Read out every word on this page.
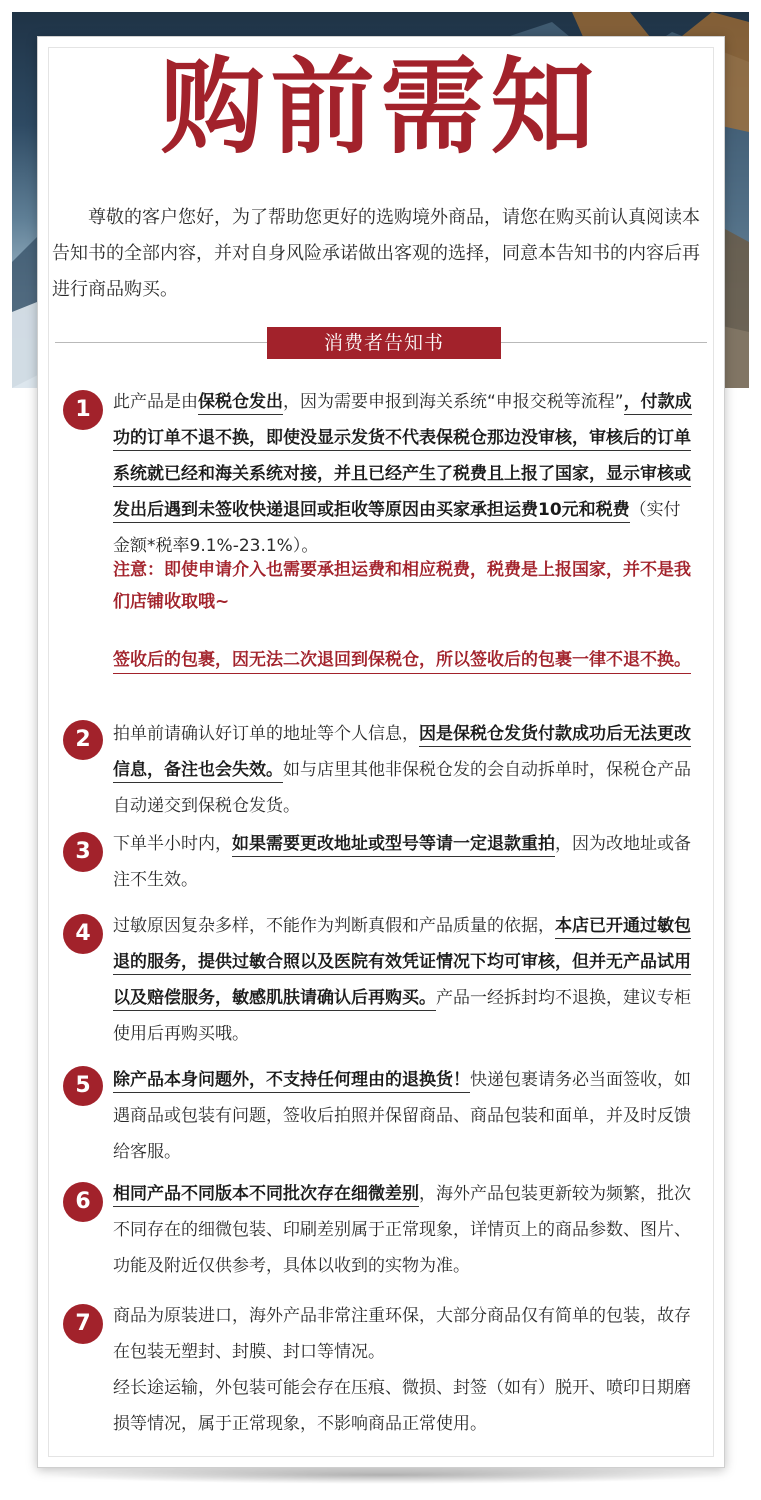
购前需知

尊敬的客户您好，为了帮助您更好的选购境外商品，请您在购买前认真阅读本告知书的全部内容，并对自身风险承诺做出客观的选择，同意本告知书的内容后再进行商品购买。

消费者告知书
1	此产品是由保税仓发出，因为需要申报到海关系统“申报交税等流程”，付款成功的订单不退不换，即使没显示发货不代表保税仓那边没审核，审核后的订单系统就已经和海关系统对接，并且已经产生了税费且上报了国家，显示审核或发出后遇到未签收快递退回或拒收等原因由买家承担运费10元和税费（实付金额*税率9.1%-23.1%）。
注意：即使申请介入也需要承担运费和相应税费，税费是上报国家，并不是我们店铺收取哦~
签收后的包裹，因无法二次退回到保税仓，所以签收后的包裹一律不退不换。
2	拍单前请确认好订单的地址等个人信息，因是保税仓发货付款成功后无法更改信息，备注也会失效。如与店里其他非保税仓发的会自动拆单时，保税仓产品自动递交到保税仓发货。
3	下单半小时内，如果需要更改地址或型号等请一定退款重拍，因为改地址或备注不生效。
4	过敏原因复杂多样，不能作为判断真假和产品质量的依据，本店已开通过敏包退的服务，提供过敏合照以及医院有效凭证情况下均可审核，但并无产品试用以及赔偿服务，敏感肌肤请确认后再购买。产品一经拆封均不退换，建议专柜使用后再购买哦。
5	除产品本身问题外，不支持任何理由的退换货！快递包裹请务必当面签收，如遇商品或包装有问题，签收后拍照并保留商品、商品包装和面单，并及时反馈给客服。
6	相同产品不同版本不同批次存在细微差别，海外产品包装更新较为频繁，批次不同存在的细微包装、印刷差别属于正常现象，详情页上的商品参数、图片、功能及附近仅供参考，具体以收到的实物为准。
7	商品为原装进口，海外产品非常注重环保，大部分商品仅有简单的包装，故存在包装无塑封、封膜、封口等情况。
经长途运输，外包装可能会存在压痕、微损、封签（如有）脱开、喷印日期磨损等情况，属于正常现象，不影响商品正常使用。
